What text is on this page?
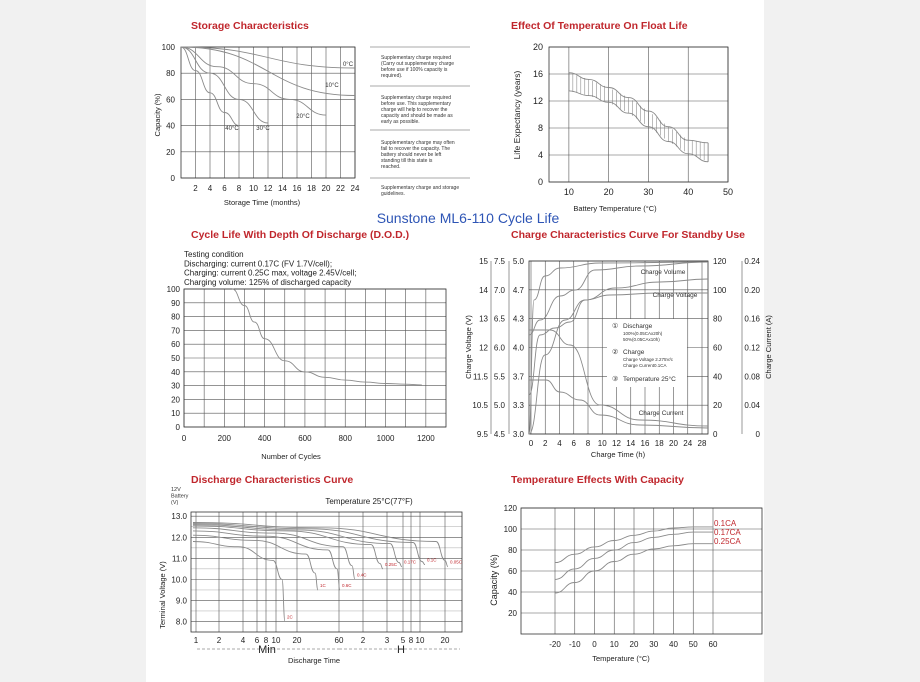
Sunstone ML6-110 Cycle Life
Storage Characteristics
100
80
60
40
20
0
2 4 6 8 10 12 14 16 18 20 22 24
Storage Time (months)
Capacity (%)
0°C
10°C
20°C
30°C
40°C
Supplementary charge required (Carry out supplementary charge before use if 100% capacity is required).
Supplementary charge required before use. This supplementary charge will help to recover the capacity and should be made as early as possible.
Supplementary charge may often fail to recover the capacity. The battery should never be left standing till this state is reached.
Supplementary charge and storage guidelines.
Effect Of Temperature On Float Life
20
16
12
8
4
0
10	20	30	40	50
Battery Temperature (°C)
Life Expectancy (years)
Cycle Life With Depth Of Discharge (D.O.D.)
Testing condition
Discharging: current 0.17C (FV 1.7V/cell);
Charging: current 0.25C max, voltage 2.45V/cell;
Charging volume: 125% of discharged capacity
100
90
80
70
60
50
40
30
20
10
0
0	200	400	600	800	1000	1200
Number of Cycles
Charge Characteristics Curve For Standby Use
15 7.5 5.0	120 0.24
14 7.0 4.7	100 0.20
13 6.5 4.3	80	0.16
12 6.0 4.0	60	0.12
11.5 5.5 3.7	40	0.08
10.5 5.0 3.3	20	0.04
9.5 4.5 3.0	0	0
0 2 4 6 8 10 12 14 16 18 20 24 28
Charge Time (h)
Charge Voltage (V)	Charge Current (A)
Charge Volume
Charge Voltage
Charge Current
① Discharge
100%(0.05CAx20h)
50%(0.05CAx10h)
② Charge
Charge Voltage 2.275V/c
Charge Current0.1CA
③ Temperature 25°C
Discharge Characteristics Curve
Temperature 25°C(77°F)
12V
Battery
(V)
13.0
12.0
11.0
10.0
9.0
8.0
1 2 4 6 8 10 20	60 2 3 5 8 10 20
Min	H
Discharge Time
Terminal Voltage (V)	2C
1C	0.6C
0.4C
0.25C 0.17C 0.1C	0.05C
Temperature Effects With Capacity
120
100
80
60
40
20
-20 -10 0 10 20 30 40 50 60
Temperature (°C)
Capacity (%)
0.1CA
0.17CA
0.25CA
